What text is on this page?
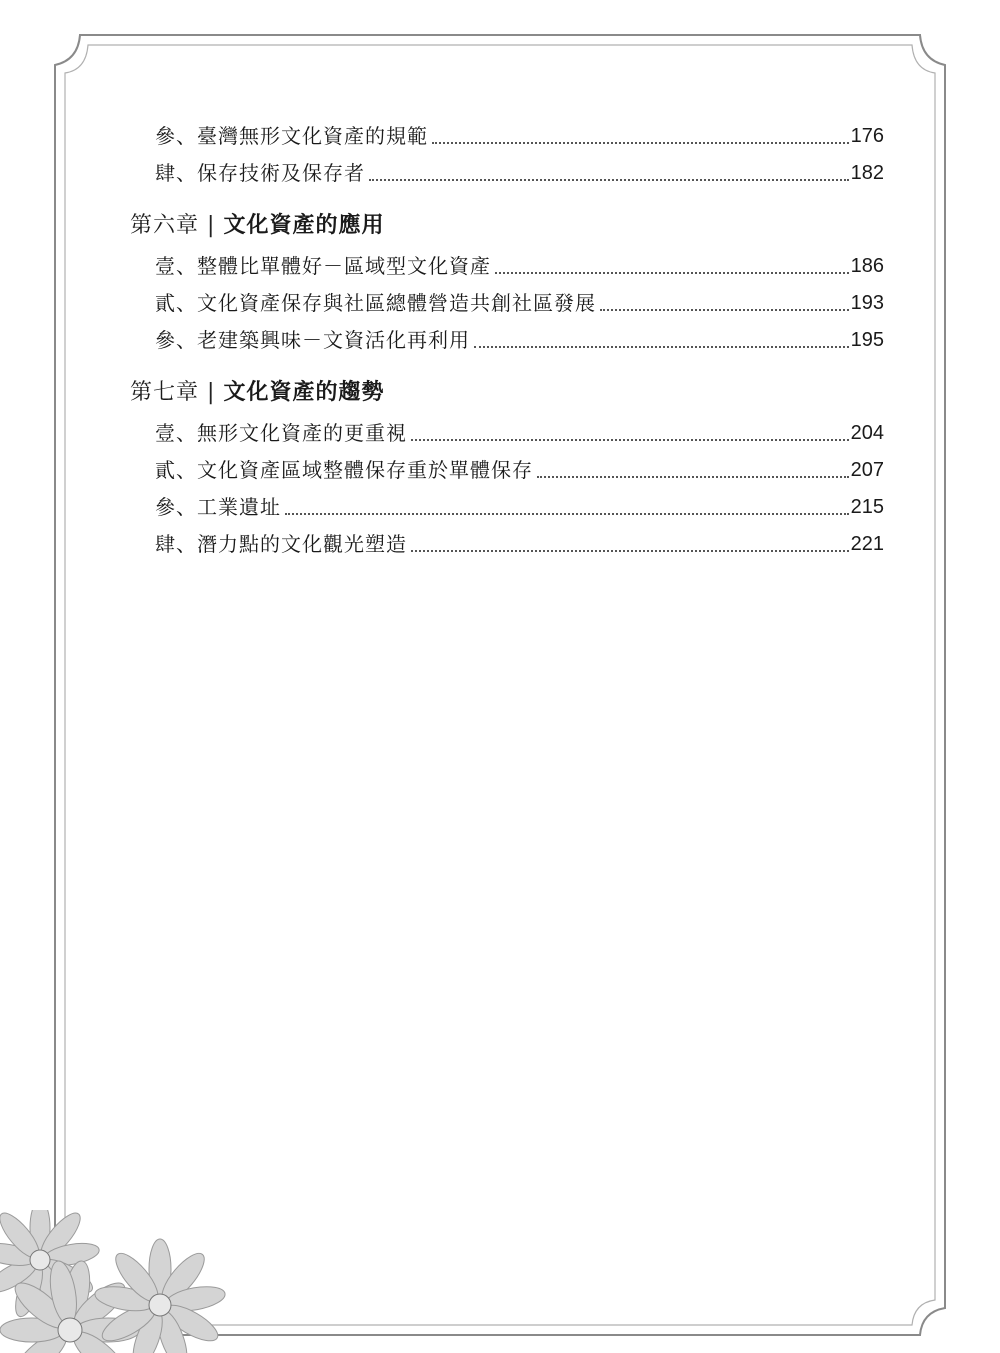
參、臺灣無形文化資產的規範	176
肆、保存技術及保存者	182
第六章 | 文化資產的應用
壹、整體比單體好－區域型文化資產	186
貳、文化資產保存與社區總體營造共創社區發展	193
參、老建築興味－文資活化再利用	195
第七章 | 文化資產的趨勢
壹、無形文化資產的更重視	204
貳、文化資產區域整體保存重於單體保存	207
參、工業遺址	215
肆、潛力點的文化觀光塑造	221
